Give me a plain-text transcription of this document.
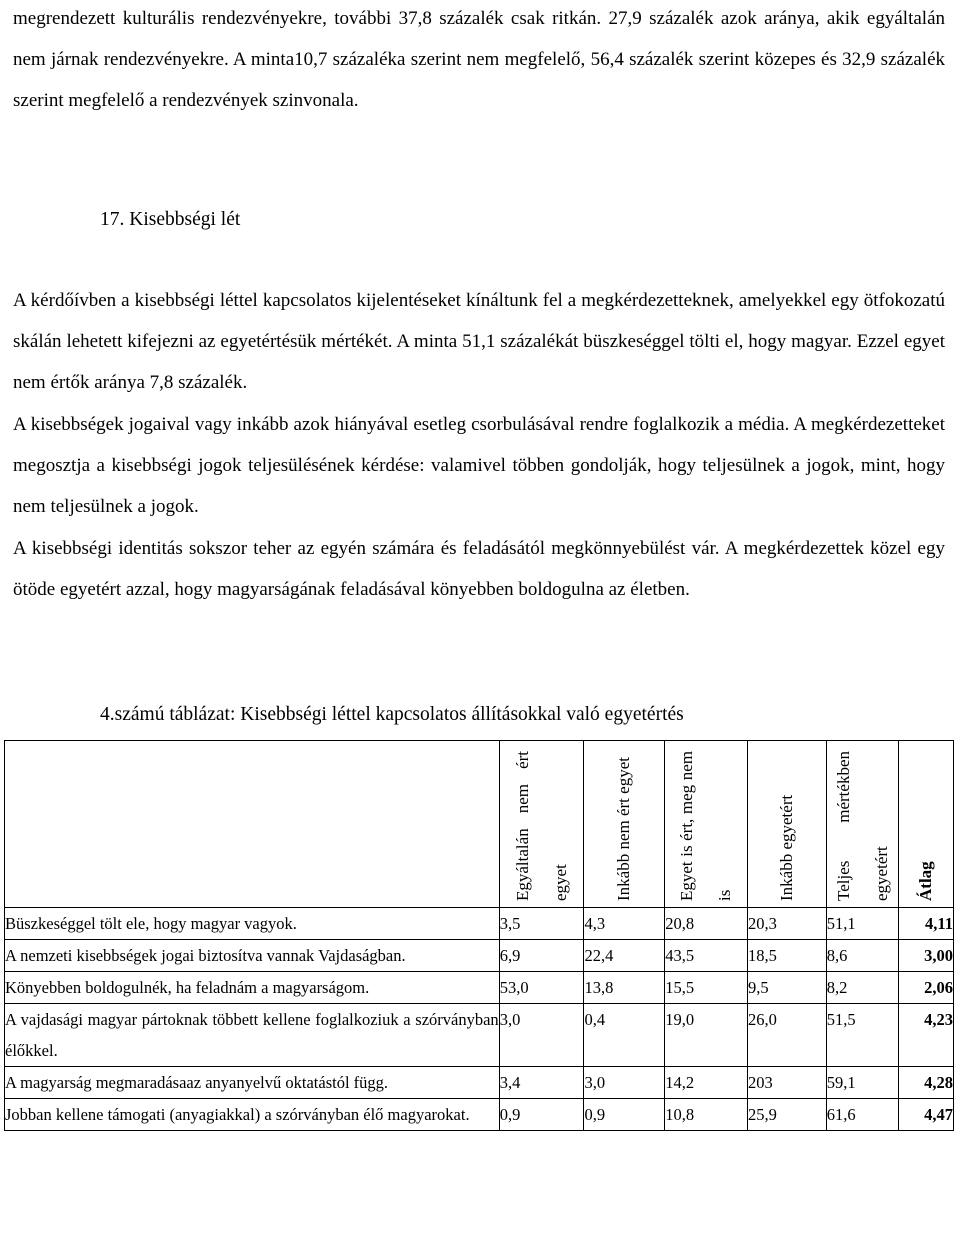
megrendezett kulturális rendezvényekre, további 37,8 százalék csak ritkán. 27,9 százalék azok aránya, akik egyáltalán nem járnak rendezvényekre. A minta10,7 százaléka szerint nem megfelelő, 56,4 százalék szerint közepes és 32,9 százalék szerint megfelelő a rendezvények szinvonala.

17. Kisebbségi lét

A kérdőívben a kisebbségi léttel kapcsolatos kijelentéseket kínáltunk fel a megkérdezetteknek, amelyekkel egy ötfokozatú skálán lehetett kifejezni az egyetértésük mértékét. A minta 51,1 százalékát büszkeséggel tölti el, hogy magyar. Ezzel egyet nem értők aránya 7,8 százalék.

A kisebbségek jogaival vagy inkább azok hiányával esetleg csorbulásával rendre foglalkozik a média. A megkérdezetteket megosztja a kisebbségi jogok teljesülésének kérdése: valamivel többen gondolják, hogy teljesülnek a jogok, mint, hogy nem teljesülnek a jogok.

A kisebbségi identitás sokszor teher az egyén számára és feladásától megkönnyebülést vár. A megkérdezettek közel egy ötöde egyetért azzal, hogy magyarságának feladásával könyebben boldogulna az életben.

4.számú táblázat: Kisebbségi léttel kapcsolatos állításokkal való egyetértés

	Egyáltalán nem ért egyet	Inkább nem ért egyet	Egyet is ért, meg nem is	Inkább egyetért	Teljes mértékben egyetért	Átlag

Büszkeséggel tölt ele, hogy magyar vagyok.	3,5	4,3	20,8	20,3	51,1	4,11
A nemzeti kisebbségek jogai biztosítva vannak Vajdaságban.	6,9	22,4	43,5	18,5	8,6	3,00
Könyebben boldogulnék, ha feladnám a magyarságom.	53,0	13,8	15,5	9,5	8,2	2,06
A vajdasági magyar pártoknak többett kellene foglalkoziuk a szórványban élőkkel.	3,0	0,4	19,0	26,0	51,5	4,23
A magyarság megmaradásaaz anyanyelvű oktatástól függ.	3,4	3,0	14,2	203	59,1	4,28
Jobban kellene támogati (anyagiakkal) a szórványban élő magyarokat.	0,9	0,9	10,8	25,9	61,6	4,47
